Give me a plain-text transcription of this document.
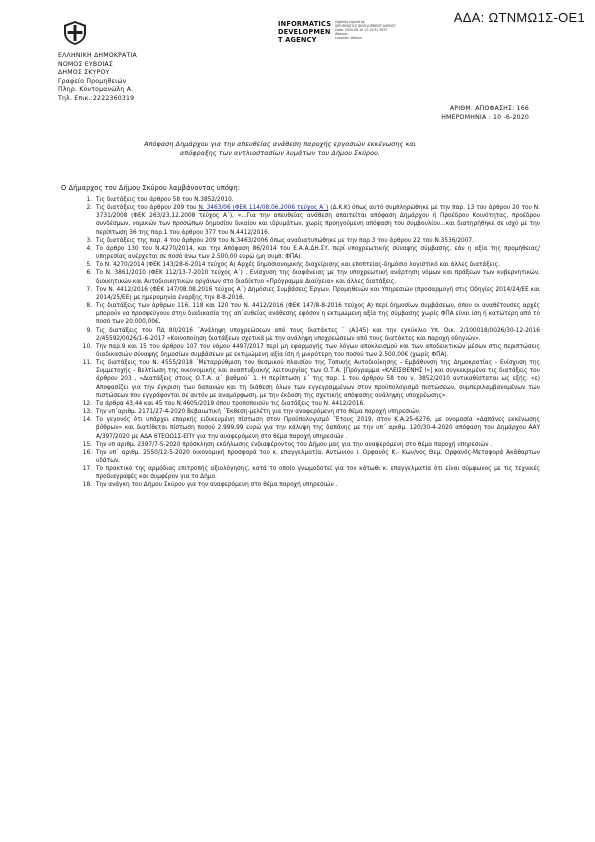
ΑΔΑ: ΩΤΝΜΩ1Σ-ΟΕ1
ΕΛΛΗΝΙΚΗ ΔΗΜΟΚΡΑΤΙΑ
ΝΟΜΟΣ ΕΥΒΟΙΑΣ
ΔΗΜΟΣ ΣΚΥΡΟΥ
Γραφείο Προμηθειών
Πληρ. Κοντομανώλη Α.
Τηλ. Επικ.:2222360319
INFORMATICS
DEVELOPMEN
T AGENCY
Digitally signed by
INFORMATICS DEVELOPMENT AGENCY
Date: 2020.06.10 12:19:31 EEST
Reason:
Location: Athens
ΑΡΙΘΜ. ΑΠΟΦΑΣΗΣ: 166
ΗΜΕΡΟΜΗΝΙΑ : 10 -6-2020
Απόφαση Δημάρχου για την απευθείας ανάθεση παροχής εργασιών εκκένωσης και απόφραξης των αντλιοστασίων λυμάτων του Δήμου Σκύρου.
Ο Δήμαρχος του Δήμου Σκύρου λαμβάνοντας υπόψη:
1. Τις διατάξεις του άρθρου 58 του Ν.3852/2010.
2. Τις διατάξεις του άρθρου 209 του Ν. 3463/06 (ΦΕΚ 114/08.06.2006 τεύχος Α΄) (Δ.Κ.Κ) όπως αυτό συμπληρώθηκε με την παρ. 13 του άρθρου 20 του Ν. 3731/2008 (ΦΕΚ 263/23.12.2008 τεύχος Α΄), «...Για την απευθείας ανάθεση απαιτείται απόφαση Δημάρχου ή Προέδρου Κοινότητας, προέδρου συνδέσμων, νομικών των προσώπων δημοσίου δικαίου και ιδρυμάτων, χωρίς προηγούμενη απόφαση του συμβουλίου...και διατηρήθηκε σε ισχύ με την περίπτωση 36 της παρ.1 του άρθρου 377 του Ν.4412/2016.
3. Τις διατάξεις της παρ. 4 του άρθρου 209 του Ν.3463/2006 όπως αναδιατυπώθηκε με την παρ.3 του άρθρου 22 του Ν.3536/2007.
4. Το άρθρο 130 του Ν.4270/2014, και την Απόφαση 86/2014 του Ε.Α.Α.ΔΗ.ΣΥ. περί υποχρεωτικής σύναψης σύμβασης, εάν η αξία της προμήθειας/ υπηρεσίας ανέρχεται σε ποσό άνω των 2.500,00 ευρώ (μη συμπ. ΦΠΑ).
5. Το Ν. 4270/2014 (ΦΕΚ 143/28-6-2014 τεύχος Α) Αρχές δημοσιονομικής διαχείρισης και εποπτείας-δημόσιο λογιστικό και άλλες διατάξεις.
6. Το Ν. 3861/2010 (ΦΕΚ 112/13-7-2010 τεύχος Α΄) , Ενίσχυση της διαφάνειας με την υποχρεωτική ανάρτηση νόμων και πράξεων των κυβερνητικών, διοικητικών και Αυτοδιοικητικών οργάνων στο διαδίκτυο «Πρόγραμμα Διαύγεια» και άλλες διατάξεις.
7. Τον Ν. 4412/2016 (ΦΕΚ 147/08.08.2016 τεύχος Α΄) Δημόσιες Συμβάσεις Έργων, Προμηθειών και Υπηρεσιών (προσαρμογή στις Οδηγίες 2014/24/ΕΕ και 2014/25/ΕΕ) με ημερομηνία έναρξης την 8-8-2016.
8. Τις διατάξεις των άρθρων 116, 118 και 120 του Ν. 4412/2016 (ΦΕΚ 147/8-8-2016 τεύχος Α) περί δημοσίων συμβάσεων, όπου οι αναθέτουσες αρχές μπορούν να προσφεύγουν στην διαδικασία της απ΄ευθείας ανάθεσης εφόσον η εκτιμώμενη αξία της σύμβασης χωρίς ΦΠΑ είναι ίση ή κατώτερη από το ποσό των 20.000,00€.
9. Τις διατάξεις του ΠΔ 80/2016 ¨Ανάληψη υποχρεώσεων από τους διατάκτες ¨ (Α145) και την εγκύκλιο Υπ. Οικ. 2/100018/0026/30-12-2016 2/45592/0026/1-6-2017 «Κοινοποίηση διατάξεων σχετικά με την ανάληψη υποχρεώσεων από τους διατάκτες και παροχή οδηγιών».
10. Την παρ.9 και 15 του άρθρου 107 του νόμου 4497/2017 περί μη εφαρμογής των λόγων αποκλεισμού και των αποδεικτικών μέσων στις περιπτώσεις διαδικασιών σύναψης δημοσίων συμβάσεων με εκτιμώμενη αξία ίση ή μικρότερη του ποσού των 2.500,00€ (χωρίς ΦΠΑ).
11. Τις διατάξεις του Ν. 4555/2018 ΄Μεταρρύθμιση του θεσμικού πλαισίου της Τοπικής Αυτοδιοίκησης - Εμβάθυνση της Δημοκρατίας - Ενίσχυση της Συμμετοχής - Βελτίωση της οικονομικής και αναπτυξιακής λειτουργίας των Ο.Τ.Α. [Πρόγραμμα «ΚΛΕΙΣΘΕΝΗΣ Ι»] και συγκεκριμένα τις διατάξεις του άρθρου 203 , «Διατάξεις στους Ο.Τ.Α. α΄ βαθμού΄ 1. Η περίπτωση ε΄ της παρ. 1 του άρθρου 58 του ν. 3852/2010 αντικαθίσταται ως εξής: «ε) Αποφασίζει για την έγκριση των δαπανών και τη διάθεση όλων των εγγεγραμμένων στον προϋπολογισμό πιστώσεων, συμπεριλαμβανομένων των πιστώσεων που εγγράφονται σε αυτόν με αναμόρφωση, με την έκδοση της σχετικής απόφασης ανάληψης υποχρέωσης».
12. Τα άρθρα 43,44 και 45 του Ν.4605/2019 όπου τροποποιούν τις διατάξεις του Ν. 4412/2016.
13. Την υπ΄αριθμ. 2171/27-4-2020 Βεβαιωτική ΄Έκθεση-μελέτη για την αναφερόμενη στο θέμα παροχή υπηρεσιών.
14. Το γεγονός ότι υπάρχει επαρκής ειδικευμένη πίστωση στον Προϋπολογισμό ΄Έτους 2019, στον Κ.Α.25-6276, με ονομασία «Δαπάνες εκκένωσης βόθρων» και διατίθεται πίστωση ποσού 2.999,99 ευρώ για την κάλυψη της δαπάνης με την υπ΄ αριθμ. 120/30-4-2020 απόφαση του Δημάρχου ΑΑΥ Α/397/2020 με ΑΔΑ 6ΤΕΟΩ1Σ-ΕΠΥ για την αναφερόμενη στο θέμα παροχή υπηρεσιών .
15. Την υπ αριθμ. 2397/7-5-2020 πρόσκληση εκδήλωσης ενδιαφέροντος του Δήμου μας για την αναφερόμενη στο θέμα παροχή υπηρεσιών .
16. Την υπ΄ αριθμ. 2550/12-5-2020 οικονομική προσφορά του κ. επαγγελματία, Αντώνιου Ι. Ορφανός Κ.- Κων/νος Θεμ. Ορφανός-Μεταφορά Ακάθαρτων υδάτων.
17. Το πρακτικό της αρμόδιας επιτροπής αξιολόγησης, κατά το οποίο γνωμοδοτεί για τον κάτωθι κ. επαγγελματία ότι είναι σύμφωνος με τις τεχνικές προδιαγραφές και συμφέρον για το Δήμο.
18. Την ανάγκη του Δήμου Σκύρου για την αναφερόμενη στο θέμα παροχή υπηρεσιών .
